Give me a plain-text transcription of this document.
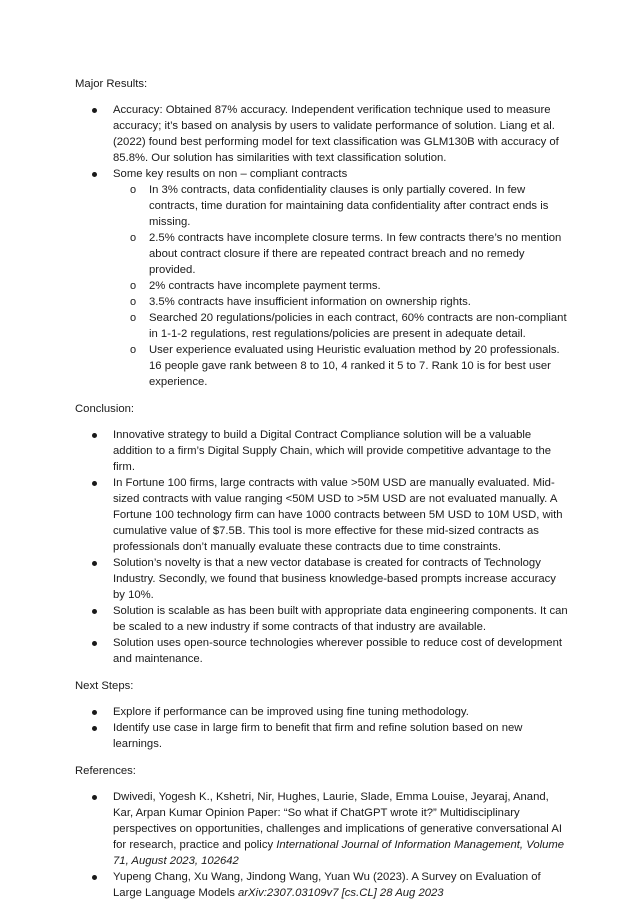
Major Results:

Accuracy: Obtained 87% accuracy. Independent verification technique used to measure accuracy; it’s based on analysis by users to validate performance of solution. Liang et al. (2022) found best performing model for text classification was GLM130B with accuracy of 85.8%. Our solution has similarities with text classification solution.
Some key results on non – compliant contracts
o In 3% contracts, data confidentiality clauses is only partially covered. In few contracts, time duration for maintaining data confidentiality after contract ends is missing.
o 2.5% contracts have incomplete closure terms. In few contracts there’s no mention about contract closure if there are repeated contract breach and no remedy provided.
o 2% contracts have incomplete payment terms.
o 3.5% contracts have insufficient information on ownership rights.
o Searched 20 regulations/policies in each contract, 60% contracts are non-compliant in 1-1-2 regulations, rest regulations/policies are present in adequate detail.
o User experience evaluated using Heuristic evaluation method by 20 professionals. 16 people gave rank between 8 to 10, 4 ranked it 5 to 7. Rank 10 is for best user experience.

Conclusion:

Innovative strategy to build a Digital Contract Compliance solution will be a valuable addition to a firm’s Digital Supply Chain, which will provide competitive advantage to the firm.
In Fortune 100 firms, large contracts with value >50M USD are manually evaluated. Mid-sized contracts with value ranging <50M USD to >5M USD are not evaluated manually. A Fortune 100 technology firm can have 1000 contracts between 5M USD to 10M USD, with cumulative value of $7.5B. This tool is more effective for these mid-sized contracts as professionals don’t manually evaluate these contracts due to time constraints.
Solution’s novelty is that a new vector database is created for contracts of Technology Industry. Secondly, we found that business knowledge-based prompts increase accuracy by 10%.
Solution is scalable as has been built with appropriate data engineering components. It can be scaled to a new industry if some contracts of that industry are available.
Solution uses open-source technologies wherever possible to reduce cost of development and maintenance.

Next Steps:

Explore if performance can be improved using fine tuning methodology.
Identify use case in large firm to benefit that firm and refine solution based on new learnings.

References:

Dwivedi, Yogesh K., Kshetri, Nir, Hughes, Laurie, Slade, Emma Louise, Jeyaraj, Anand, Kar, Arpan Kumar Opinion Paper: “So what if ChatGPT wrote it?” Multidisciplinary perspectives on opportunities, challenges and implications of generative conversational AI for research, practice and policy International Journal of Information Management, Volume 71, August 2023, 102642
Yupeng Chang, Xu Wang, Jindong Wang, Yuan Wu (2023). A Survey on Evaluation of Large Language Models arXiv:2307.03109v7 [cs.CL] 28 Aug 2023
